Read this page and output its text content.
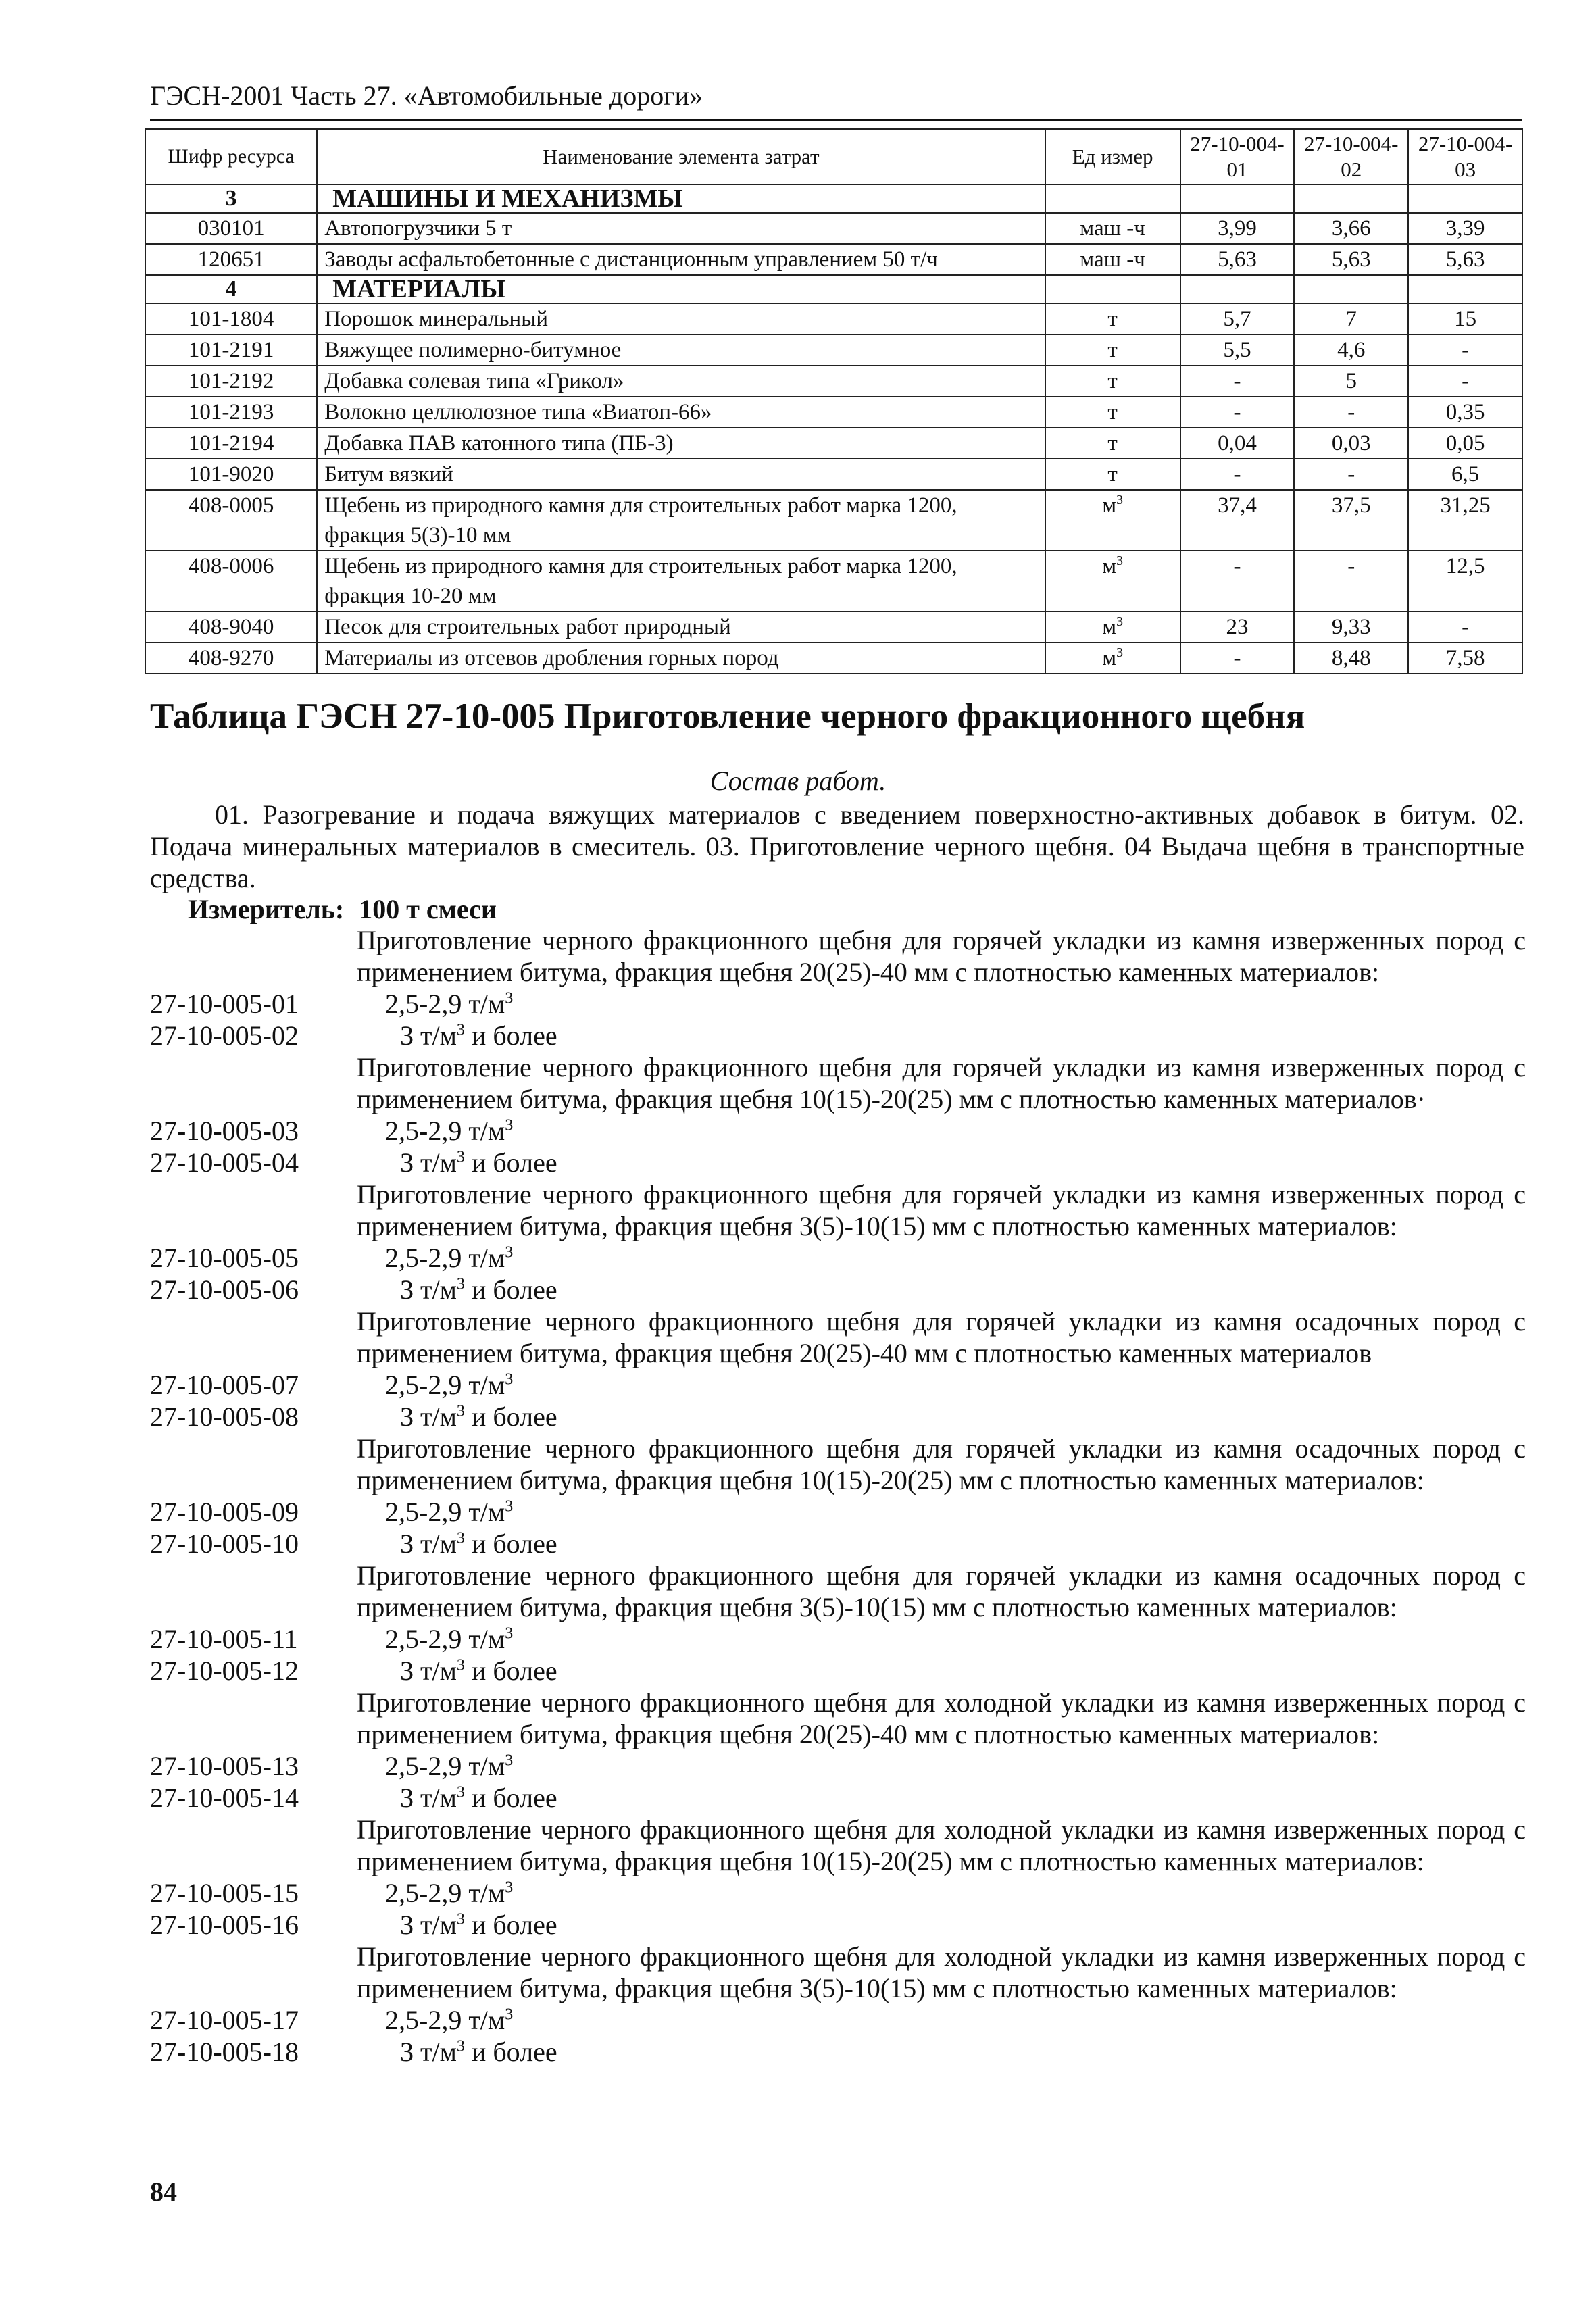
ГЭСН-2001 Часть 27. «Автомобильные дороги»
Шифр ресурса	Наименование элемента затрат	Ед измер	27-10-004-01	27-10-004-02	27-10-004-03
3	МАШИНЫ И МЕХАНИЗМЫ				
030101	Автопогрузчики 5 т	маш -ч	3,99	3,66	3,39
120651	Заводы асфальтобетонные с дистанционным управлением 50 т/ч	маш -ч	5,63	5,63	5,63
4	МАТЕРИАЛЫ				
101-1804	Порошок минеральный	т	5,7	7	15
101-2191	Вяжущее полимерно-битумное	т	5,5	4,6	-
101-2192	Добавка солевая типа «Грикол»	т	-	5	-
101-2193	Волокно целлюлозное типа «Виатоп-66»	т	-	-	0,35
101-2194	Добавка ПАВ катонного типа (ПБ-3)	т	0,04	0,03	0,05
101-9020	Битум вязкий	т	-	-	6,5
408-0005	Щебень из природного камня для строительных работ марка 1200, фракция 5(3)-10 мм	$м^3$	37,4	37,5	31,25
408-0006	Щебень из природного камня для строительных работ марка 1200, фракция 10-20 мм	$м^3$	-	-	12,5
408-9040	Песок для строительных работ природный	$м^3$	23	9,33	-
408-9270	Материалы из отсевов дробления горных пород	$м^3$	-	8,48	7,58
Таблица ГЭСН 27-10-005 Приготовление черного фракционного щебня
Состав работ.
01. Разогревание и подача вяжущих материалов с введением поверхностно-активных добавок в битум. 02. Подача минеральных материалов в смеситель. 03. Приготовление черного щебня. 04 Выдача щебня в транспортные средства.
Измеритель: 100 т смеси
Приготовление черного фракционного щебня для горячей укладки из камня изверженных пород с применением битума, фракция щебня 20(25)-40 мм с плотностью каменных материалов:
27-10-005-01	2,5-2,9 $т/м^3$
27-10-005-02	3 $т/м^3$ и более
Приготовление черного фракционного щебня для горячей укладки из камня изверженных пород с применением битума, фракция щебня 10(15)-20(25) мм с плотностью каменных материалов·
27-10-005-03	2,5-2,9 $т/м^3$
27-10-005-04	3 $т/м^3$ и более
Приготовление черного фракционного щебня для горячей укладки из камня изверженных пород с применением битума, фракция щебня 3(5)-10(15) мм с плотностью каменных материалов:
27-10-005-05	2,5-2,9 $т/м^3$
27-10-005-06	3 $т/м^3$ и более
Приготовление черного фракционного щебня для горячей укладки из камня осадочных пород с применением битума, фракция щебня 20(25)-40 мм с плотностью каменных материалов
27-10-005-07	2,5-2,9 $т/м^3$
27-10-005-08	3 $т/м^3$ и более
Приготовление черного фракционного щебня для горячей укладки из камня осадочных пород с применением битума, фракция щебня 10(15)-20(25) мм с плотностью каменных материалов:
27-10-005-09	2,5-2,9 $т/м^3$
27-10-005-10	3 $т/м^3$ и более
Приготовление черного фракционного щебня для горячей укладки из камня осадочных пород с применением битума, фракция щебня 3(5)-10(15) мм с плотностью каменных материалов:
27-10-005-11	2,5-2,9 $т/м^3$
27-10-005-12	3 $т/м^3$ и более
Приготовление черного фракционного щебня для холодной укладки из камня изверженных пород с применением битума, фракция щебня 20(25)-40 мм с плотностью каменных материалов:
27-10-005-13	2,5-2,9 $т/м^3$
27-10-005-14	3 $т/м^3$ и более
Приготовление черного фракционного щебня для холодной укладки из камня изверженных пород с применением битума, фракция щебня 10(15)-20(25) мм с плотностью каменных материалов:
27-10-005-15	2,5-2,9 $т/м^3$
27-10-005-16	3 $т/м^3$ и более
Приготовление черного фракционного щебня для холодной укладки из камня изверженных пород с применением битума, фракция щебня 3(5)-10(15) мм с плотностью каменных материалов:
27-10-005-17	2,5-2,9 $т/м^3$
27-10-005-18	3 $т/м^3$ и более
84
